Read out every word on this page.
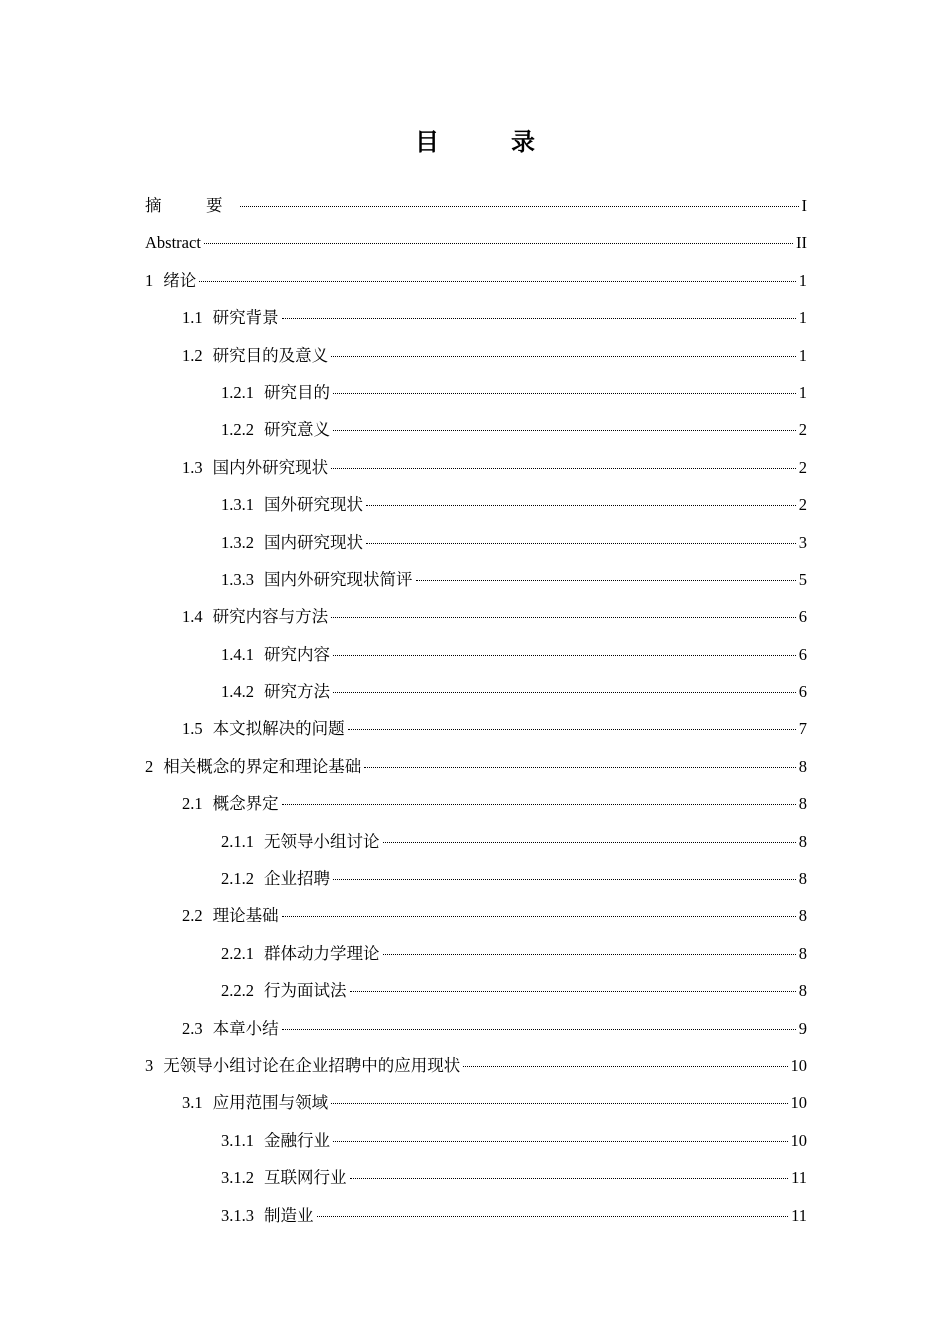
目　录
摘　要	I
Abstract	II
1 绪论	1
1.1 研究背景	1
1.2 研究目的及意义	1
1.2.1 研究目的	1
1.2.2 研究意义	2
1.3 国内外研究现状	2
1.3.1 国外研究现状	2
1.3.2 国内研究现状	3
1.3.3 国内外研究现状简评	5
1.4 研究内容与方法	6
1.4.1 研究内容	6
1.4.2 研究方法	6
1.5 本文拟解决的问题	7
2 相关概念的界定和理论基础	8
2.1 概念界定	8
2.1.1 无领导小组讨论	8
2.1.2 企业招聘	8
2.2 理论基础	8
2.2.1 群体动力学理论	8
2.2.2 行为面试法	8
2.3 本章小结	9
3 无领导小组讨论在企业招聘中的应用现状	10
3.1 应用范围与领域	10
3.1.1 金融行业	10
3.1.2 互联网行业	11
3.1.3 制造业	11
